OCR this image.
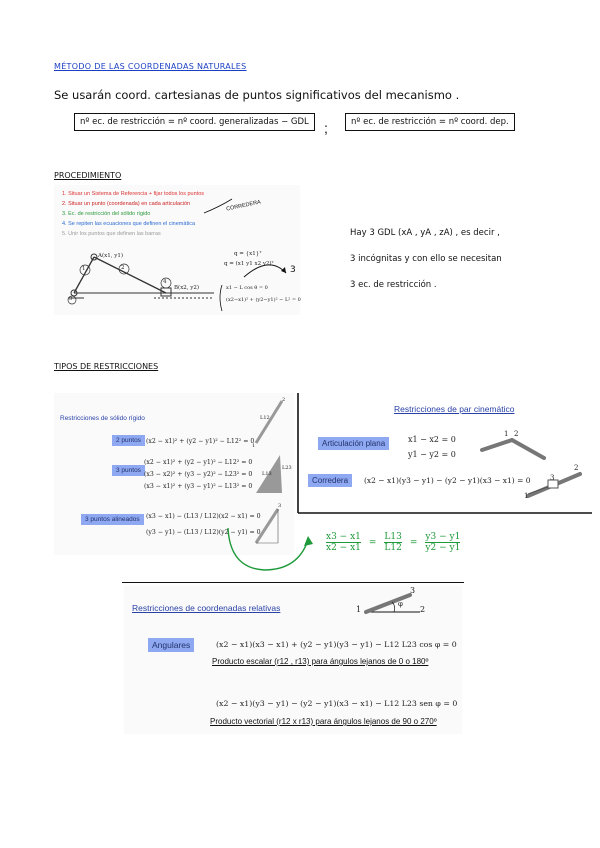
MÉTODO DE LAS COORDENADAS NATURALES
Se usarán coord. cartesianas de puntos significativos del mecanismo .
nº ec. de restricción = nº coord. generalizadas − GDL	;	nº ec. de restricción = nº coord. dep.
PROCEDIMIENTO
1. Situar un Sistema de Referencia + fijar todos los puntos
2. Situar un punto (coordenada) en cada articulación
3. Ec. de restricción del sólido rígido
4. Se repiten las ecuaciones que definen el cinemática
5. Unir los puntos que definen las barras
CORREDERA
A(x1, y1)
B(x2, y2)
1	2
3
4
q = {x1}ᵀ
q = (x1 y1 x2 y2)ᵀ
3
x1 − L cos θ = 0
(x2−x1)² + (y2−y1)² − L² = 0
Hay 3 GDL (xA , yA , zA) , es decir ,
3 incógnitas y con ello se necesitan
3 ec. de restricción .
TIPOS DE RESTRICCIONES
Restricciones de sólido rígido
2 puntos (x2 − x1)² + (y2 − y1)² − L12² = 0
3 puntos
(x2 − x1)² + (y2 − y1)² − L12² = 0
(x3 − x2)² + (y3 − y2)² − L23² = 0
(x3 − x1)² + (y3 − y1)² − L13² = 0
3 puntos alineados	(x3 − x1) − (L13 / L12)(x2 − x1) = 0
(y3 − y1) − (L13 / L12)(y2 − y1) = 0
1
2
L12
L13
L23
3
Restricciones de par cinemático
Articulación plana	x1 − x2 = 0
y1 − y2 = 0
Corredera	(x2 − x1)(y3 − y1) − (y2 − y1)(x3 − x1) = 0
1 2
1
2
3
$\frac{x3 - x1}{x2 - x1} = \frac{L13}{L12} = \frac{y3 - y1}{y2 - y1}$
Restricciones de coordenadas relativas	1	2
3
φ
Angulares	(x2 − x1)(x3 − x1) + (y2 − y1)(y3 − y1) − L12 L23 cos φ = 0
Producto escalar (r12 , r13) para ángulos lejanos de 0 o 180º
(x2 − x1)(y3 − y1) − (y2 − y1)(x3 − x1) − L12 L23 sen φ = 0
Producto vectorial (r12 x r13) para ángulos lejanos de 90 o 270º
